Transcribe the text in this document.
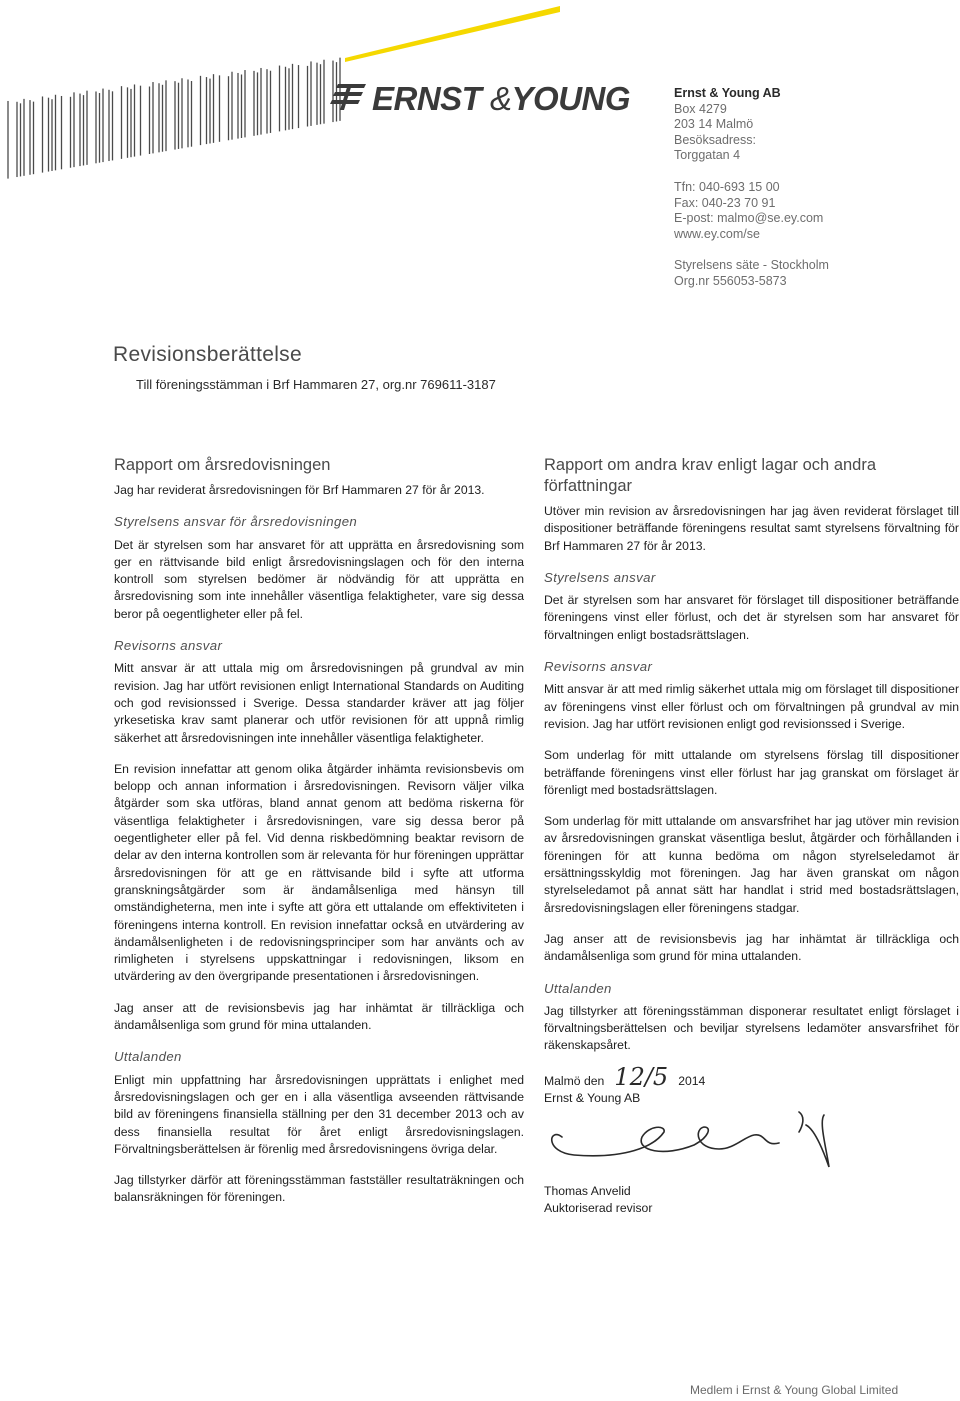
ERNST &YOUNG	Ernst & Young AB
Box 4279
203 14 Malmö
Besöksadress:
Torggatan 4
Tfn: 040-693 15 00
Fax: 040-23 70 91
E-post: malmo@se.ey.com
www.ey.com/se
Styrelsens säte - Stockholm
Org.nr 556053-5873
Revisionsberättelse
Till föreningsstämman i Brf Hammaren 27, org.nr 769611-3187
Rapport om årsredovisningen
Jag har reviderat årsredovisningen för Brf Hammaren 27 för år 2013.
Styrelsens ansvar för årsredovisningen
Det är styrelsen som har ansvaret för att upprätta en årsredovisning som ger en rättvisande bild enligt årsredovisningslagen och för den interna kontroll som styrelsen bedömer är nödvändig för att upprätta en årsredovisning som inte innehåller väsentliga felaktigheter, vare sig dessa beror på oegentligheter eller på fel.
Revisorns ansvar
Mitt ansvar är att uttala mig om årsredovisningen på grundval av min revision. Jag har utfört revisionen enligt International Standards on Auditing och god revisionssed i Sverige. Dessa standarder kräver att jag följer yrkesetiska krav samt planerar och utför revisionen för att uppnå rimlig säkerhet att årsredovisningen inte innehåller väsentliga felaktigheter.
En revision innefattar att genom olika åtgärder inhämta revisionsbevis om belopp och annan information i årsredovisningen. Revisorn väljer vilka åtgärder som ska utföras, bland annat genom att bedöma riskerna för väsentliga felaktigheter i årsredovisningen, vare sig dessa beror på oegentligheter eller på fel. Vid denna riskbedömning beaktar revisorn de delar av den interna kontrollen som är relevanta för hur föreningen upprättar årsredovisningen för att ge en rättvisande bild i syfte att utforma granskningsåtgärder som är ändamålsenliga med hänsyn till omständigheterna, men inte i syfte att göra ett uttalande om effektiviteten i föreningens interna kontroll. En revision innefattar också en utvärdering av ändamålsenligheten i de redovisningsprinciper som har använts och av rimligheten i styrelsens uppskattningar i redovisningen, liksom en utvärdering av den övergripande presentationen i årsredovisningen.
Jag anser att de revisionsbevis jag har inhämtat är tillräckliga och ändamålsenliga som grund för mina uttalanden.
Uttalanden
Enligt min uppfattning har årsredovisningen upprättats i enlighet med årsredovisningslagen och ger en i alla väsentliga avseenden rättvisande bild av föreningens finansiella ställning per den 31 december 2013 och av dess finansiella resultat för året enligt årsredovisningslagen. Förvaltningsberättelsen är förenlig med årsredovisningens övriga delar.
Jag tillstyrker därför att föreningsstämman fastställer resultaträkningen och balansräkningen för föreningen.
Rapport om andra krav enligt lagar och andra författningar
Utöver min revision av årsredovisningen har jag även reviderat förslaget till dispositioner beträffande föreningens resultat samt styrelsens förvaltning för Brf Hammaren 27 för år 2013.
Styrelsens ansvar
Det är styrelsen som har ansvaret för förslaget till dispositioner beträffande föreningens vinst eller förlust, och det är styrelsen som har ansvaret för förvaltningen enligt bostadsrättslagen.
Revisorns ansvar
Mitt ansvar är att med rimlig säkerhet uttala mig om förslaget till dispositioner av föreningens vinst eller förlust och om förvaltningen på grundval av min revision. Jag har utfört revisionen enligt god revisionssed i Sverige.
Som underlag för mitt uttalande om styrelsens förslag till dispositioner beträffande föreningens vinst eller förlust har jag granskat om förslaget är förenligt med bostadsrättslagen.
Som underlag för mitt uttalande om ansvarsfrihet har jag utöver min revision av årsredovisningen granskat väsentliga beslut, åtgärder och förhållanden i föreningen för att kunna bedöma om någon styrelseledamot är ersättningsskyldig mot föreningen. Jag har även granskat om någon styrelseledamot på annat sätt har handlat i strid med bostadsrättslagen, årsredovisningslagen eller föreningens stadgar.
Jag anser att de revisionsbevis jag har inhämtat är tillräckliga och ändamålsenliga som grund för mina uttalanden.
Uttalanden
Jag tillstyrker att föreningsstämman disponerar resultatet enligt förslaget i förvaltningsberättelsen och beviljar styrelsens ledamöter ansvarsfrihet för räkenskapsåret.
Malmö den 12/5 2014
Ernst & Young AB
Thomas Anvelid
Auktoriserad revisor
Medlem i Ernst & Young Global Limited
